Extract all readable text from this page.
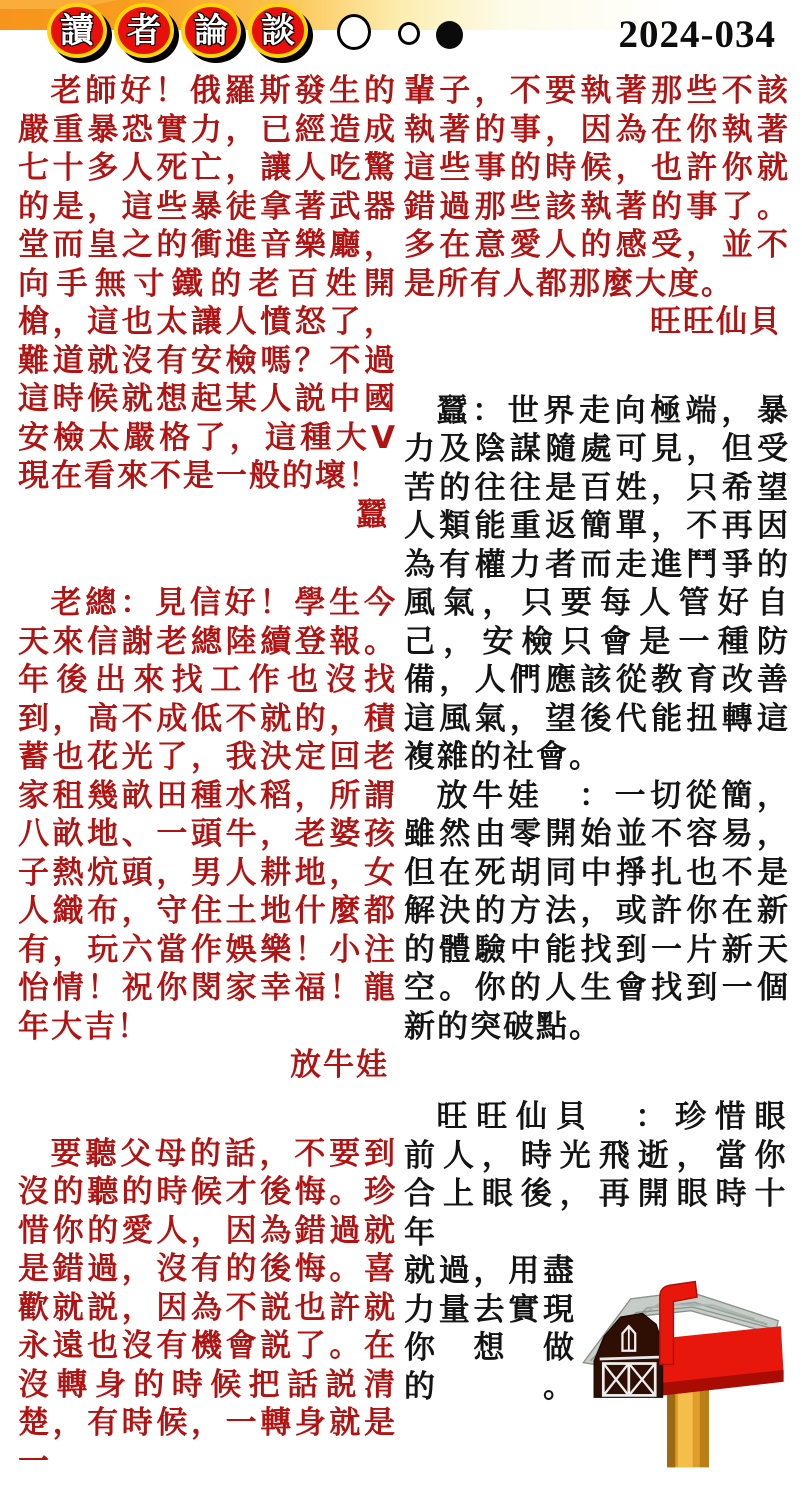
讀 者 論 談	2024-034

老師好！俄羅斯發生的嚴重暴恐實力，已經造成七十多人死亡，讓人吃驚的是，這些暴徒拿著武器堂而皇之的衝進音樂廳，向手無寸鐵的老百姓開槍，這也太讓人憤怒了，難道就沒有安檢嗎？不過這時候就想起某人説中國安檢太嚴格了，這種大V現在看來不是一般的壞！

蠶

老總：見信好！學生今天來信謝老總陸續登報。年後出來找工作也沒找到，高不成低不就的，積蓄也花光了，我決定回老家租幾畝田種水稻，所謂八畝地、一頭牛，老婆孩子熱炕頭，男人耕地，女人織布，守住土地什麼都有，玩六當作娛樂！小注怡情！祝你閔家幸福！龍年大吉！

放牛娃

要聽父母的話，不要到沒的聽的時候才後悔。珍惜你的愛人，因為錯過就是錯過，沒有的後悔。喜歡就説，因為不説也許就永遠也沒有機會説了。在沒轉身的時候把話説清楚，有時候，一轉身就是一

輩子，不要執著那些不該執著的事，因為在你執著這些事的時候，也許你就錯過那些該執著的事了。多在意愛人的感受，並不是所有人都那麼大度。

旺旺仙貝

蠶：世界走向極端，暴力及陰謀隨處可見，但受苦的往往是百姓，只希望人類能重返簡單，不再因為有權力者而走進鬥爭的風氣，只要每人管好自己，安檢只會是一種防備，人們應該從教育改善這風氣，望後代能扭轉這複雜的社會。

放牛娃　：一切從簡，雖然由零開始並不容易，但在死胡同中掙扎也不是解決的方法，或許你在新的體驗中能找到一片新天空。你的人生會找到一個新的突破點。

旺旺仙貝　：珍惜眼前人，時光飛逝，當你合上眼後，再開眼時十年

就過，用盡
力量去實現
你想做
的。
